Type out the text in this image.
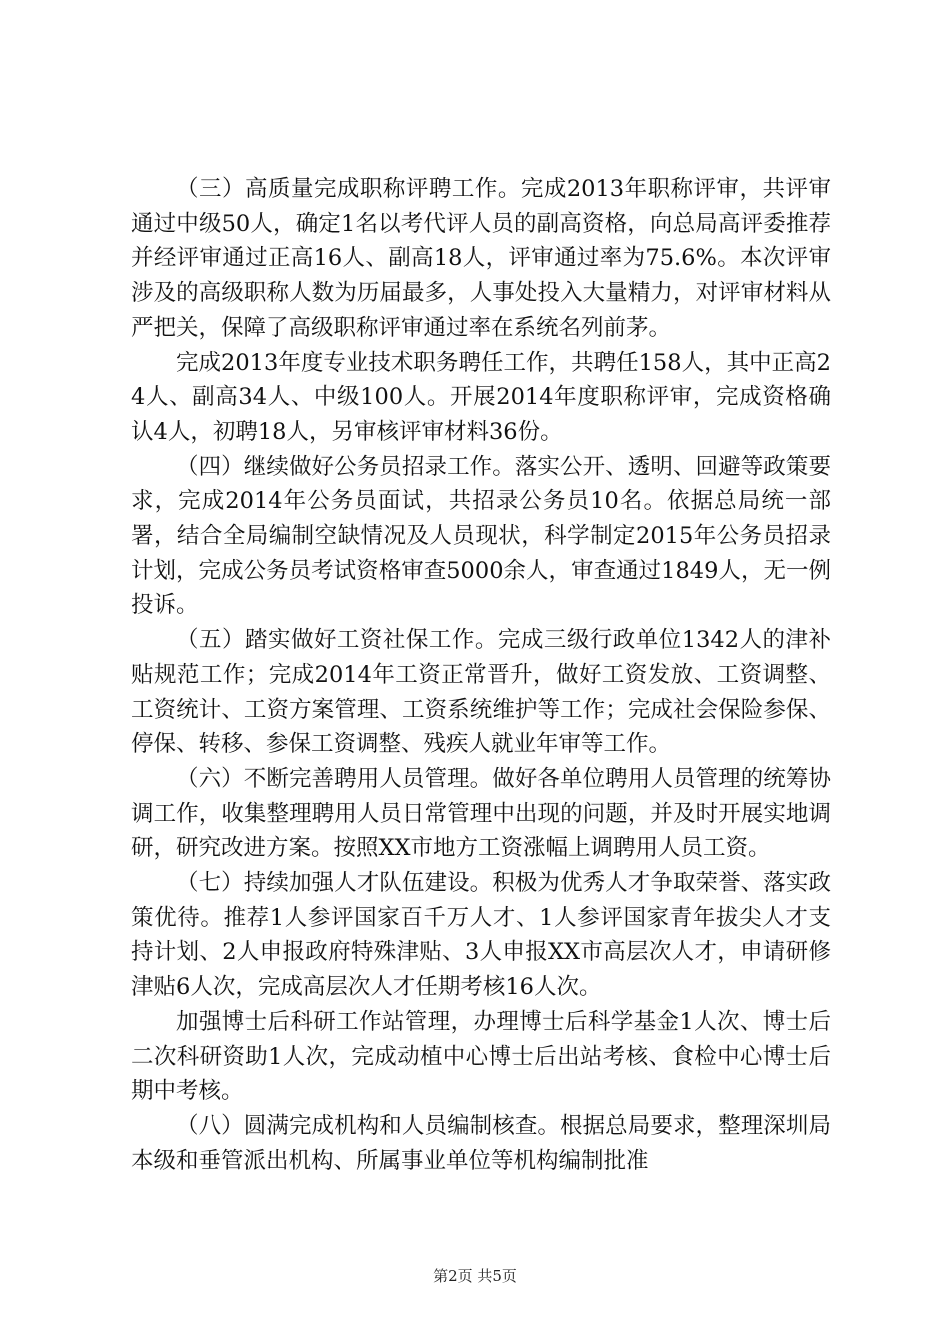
（三）高质量完成职称评聘工作。完成2013年职称评审，共评审通过中级50人，确定1名以考代评人员的副高资格，向总局高评委推荐并经评审通过正高16人、副高18人，评审通过率为75.6%。本次评审涉及的高级职称人数为历届最多，人事处投入大量精力，对评审材料从严把关，保障了高级职称评审通过率在系统名列前茅。

完成2013年度专业技术职务聘任工作，共聘任158人，其中正高24人、副高34人、中级100人。开展2014年度职称评审，完成资格确认4人，初聘18人，另审核评审材料36份。

（四）继续做好公务员招录工作。落实公开、透明、回避等政策要求，完成2014年公务员面试，共招录公务员10名。依据总局统一部署，结合全局编制空缺情况及人员现状，科学制定2015年公务员招录计划，完成公务员考试资格审查5000余人，审查通过1849人，无一例投诉。

（五）踏实做好工资社保工作。完成三级行政单位1342人的津补贴规范工作；完成2014年工资正常晋升，做好工资发放、工资调整、工资统计、工资方案管理、工资系统维护等工作；完成社会保险参保、停保、转移、参保工资调整、残疾人就业年审等工作。

（六）不断完善聘用人员管理。做好各单位聘用人员管理的统筹协调工作，收集整理聘用人员日常管理中出现的问题，并及时开展实地调研，研究改进方案。按照XX市地方工资涨幅上调聘用人员工资。

（七）持续加强人才队伍建设。积极为优秀人才争取荣誉、落实政策优待。推荐1人参评国家百千万人才、1人参评国家青年拔尖人才支持计划、2人申报政府特殊津贴、3人申报XX市高层次人才，申请研修津贴6人次，完成高层次人才任期考核16人次。

加强博士后科研工作站管理，办理博士后科学基金1人次、博士后二次科研资助1人次，完成动植中心博士后出站考核、食检中心博士后期中考核。

（八）圆满完成机构和人员编制核查。根据总局要求，整理深圳局本级和垂管派出机构、所属事业单位等机构编制批准

第2页 共5页
